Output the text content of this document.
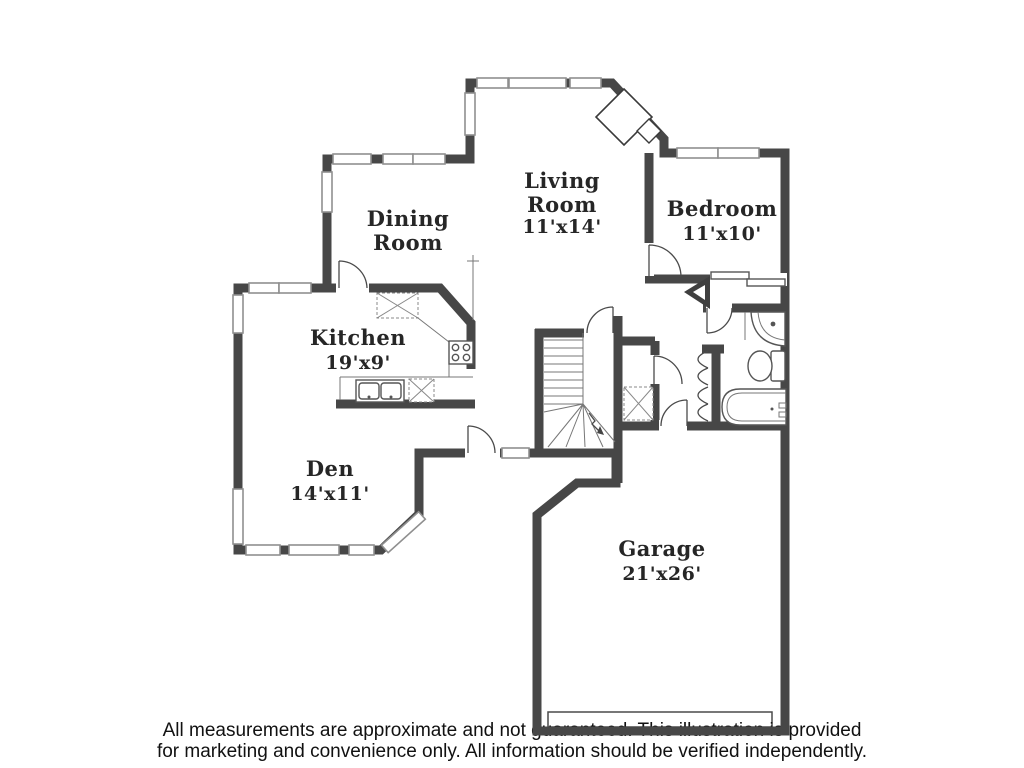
All measurements are approximate and not guaranteed. This illustration is provided
for marketing and convenience only. All information should be verified independently.
Dining
Room
Living
Room
11'x14'
Bedroom
11'x10'
Kitchen
19'x9'
Den
14'x11'
Garage
21'x26'
